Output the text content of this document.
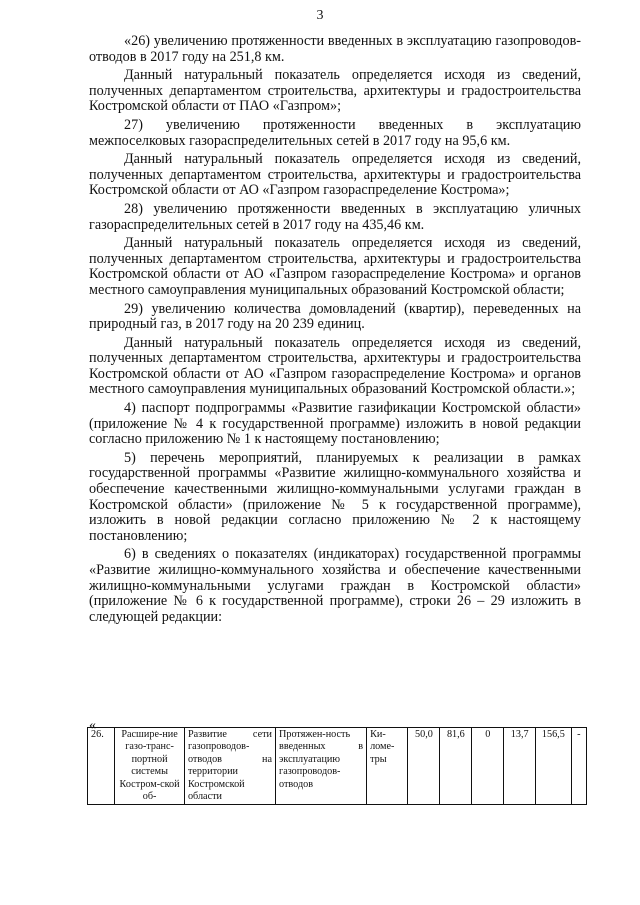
3

«26) увеличению протяженности введенных в эксплуатацию газопроводов-отводов в 2017 году на 251,8 км.

Данный натуральный показатель определяется исходя из сведений, полученных департаментом строительства, архитектуры и градостроительства Костромской области от ПАО «Газпром»;

27) увеличению протяженности введенных в эксплуатацию межпоселковых газораспределительных сетей в 2017 году на 95,6 км.

Данный натуральный показатель определяется исходя из сведений, полученных департаментом строительства, архитектуры и градостроительства Костромской области от АО «Газпром газораспределение Кострома»;

28) увеличению протяженности введенных в эксплуатацию уличных газораспределительных сетей в 2017 году на 435,46 км.

Данный натуральный показатель определяется исходя из сведений, полученных департаментом строительства, архитектуры и градостроительства Костромской области от АО «Газпром газораспределение Кострома» и органов местного самоуправления муниципальных образований Костромской области;

29) увеличению количества домовладений (квартир), переведенных на природный газ, в 2017 году на 20 239 единиц.

Данный натуральный показатель определяется исходя из сведений, полученных департаментом строительства, архитектуры и градостроительства Костромской области от АО «Газпром газораспределение Кострома» и органов местного самоуправления муниципальных образований Костромской области.»;

4) паспорт подпрограммы «Развитие газификации Костромской области» (приложение № 4 к государственной программе) изложить в новой редакции согласно приложению № 1 к настоящему постановлению;

5) перечень мероприятий, планируемых к реализации в рамках государственной программы «Развитие жилищно-коммунального хозяйства и обеспечение качественными жилищно-коммунальными услугами граждан в Костромской области» (приложение № 5 к государственной программе), изложить в новой редакции согласно приложению № 2 к настоящему постановлению;

6) в сведениях о показателях (индикаторах) государственной программы «Развитие жилищно-коммунального хозяйства и обеспечение качественными жилищно-коммунальными услугами граждан в Костромской области» (приложение № 6 к государственной программе), строки 26 – 29 изложить в следующей редакции:

«
26.	Расшире-ние газо-транс-портной системы Костром-ской об-	Развитие сети газопроводов-отводов на территории Костромской области	Протяжен-ность введенных в эксплуатацию газопроводов-отводов	Ки-ломе-тры	50,0	81,6	0	13,7	156,5	-
